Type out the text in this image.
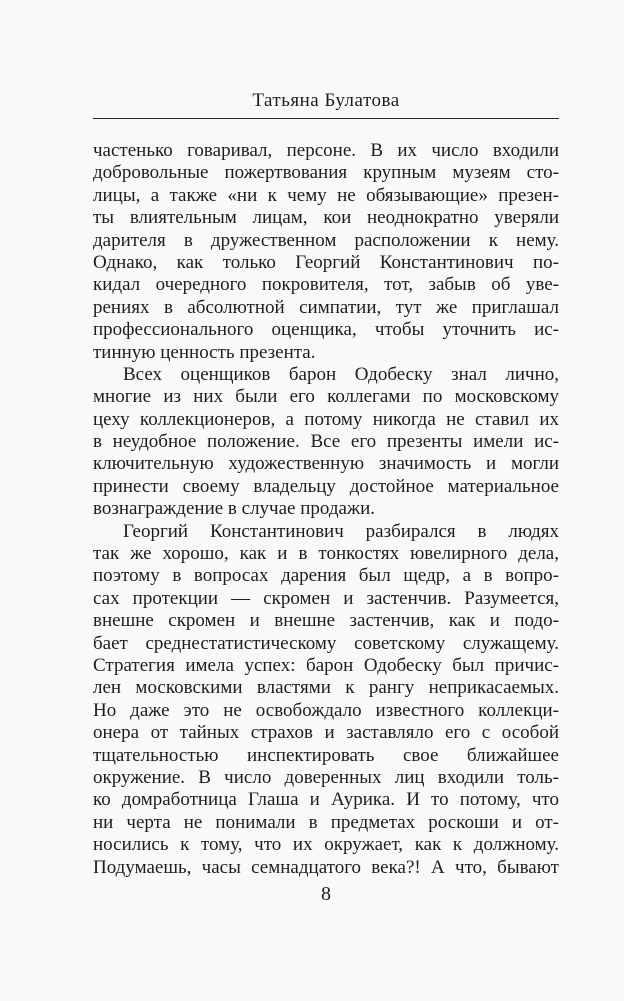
Татьяна Булатова
частенько говаривал, персоне. В их число входили
добровольные пожертвования крупным музеям сто-
лицы, а также «ни к чему не обязывающие» презен-
ты влиятельным лицам, кои неоднократно уверяли
дарителя в дружественном расположении к нему.
Однако, как только Георгий Константинович по-
кидал очередного покровителя, тот, забыв об уве-
рениях в абсолютной симпатии, тут же приглашал
профессионального оценщика, чтобы уточнить ис-
тинную ценность презента.
Всех оценщиков барон Одобеску знал лично,
многие из них были его коллегами по московскому
цеху коллекционеров, а потому никогда не ставил их
в неудобное положение. Все его презенты имели ис-
ключительную художественную значимость и могли
принести своему владельцу достойное материальное
вознаграждение в случае продажи.
Георгий Константинович разбирался в людях
так же хорошо, как и в тонкостях ювелирного дела,
поэтому в вопросах дарения был щедр, а в вопро-
сах протекции — скромен и застенчив. Разумеется,
внешне скромен и внешне застенчив, как и подо-
бает среднестатистическому советскому служащему.
Стратегия имела успех: барон Одобеску был причис-
лен московскими властями к рангу неприкасаемых.
Но даже это не освобождало известного коллекци-
онера от тайных страхов и заставляло его с особой
тщательностью инспектировать свое ближайшее
окружение. В число доверенных лиц входили толь-
ко домработница Глаша и Аурика. И то потому, что
ни черта не понимали в предметах роскоши и от-
носились к тому, что их окружает, как к должному.
Подумаешь, часы семнадцатого века?! А что, бывают
8
